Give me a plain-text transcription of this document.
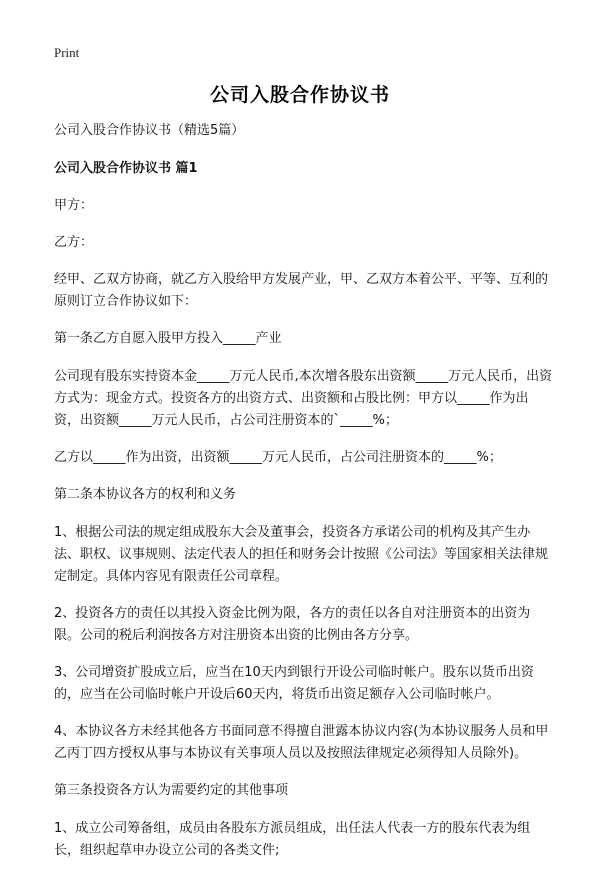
Print
公司入股合作协议书

公司入股合作协议书（精选5篇）

公司入股合作协议书 篇1

甲方：

乙方：

经甲、乙双方协商，就乙方入股给甲方发展产业，甲、乙双方本着公平、平等、互利的原则订立合作协议如下：

第一条乙方自愿入股甲方投入_____产业

公司现有股东实持资本金_____万元人民币,本次增各股东出资额_____万元人民币，出资方式为：现金方式。投资各方的出资方式、出资额和占股比例：甲方以_____作为出资，出资额_____万元人民币，占公司注册资本的`_____%；

乙方以_____作为出资，出资额_____万元人民币，占公司注册资本的_____%；

第二条本协议各方的权利和义务

1、根据公司法的规定组成股东大会及董事会，投资各方承诺公司的机构及其产生办法、职权、议事规则、法定代表人的担任和财务会计按照《公司法》等国家相关法律规定制定。具体内容见有限责任公司章程。

2、投资各方的责任以其投入资金比例为限，各方的责任以各自对注册资本的出资为限。公司的税后利润按各方对注册资本出资的比例由各方分享。

3、公司增资扩股成立后，应当在10天内到银行开设公司临时帐户。股东以货币出资的，应当在公司临时帐户开设后60天内，将货币出资足额存入公司临时帐户。

4、本协议各方未经其他各方书面同意不得擅自泄露本协议内容(为本协议服务人员和甲乙丙丁四方授权从事与本协议有关事项人员以及按照法律规定必须得知人员除外)。

第三条投资各方认为需要约定的其他事项

1、成立公司筹备组，成员由各股东方派员组成，出任法人代表一方的股东代表为组长，组织起草申办设立公司的各类文件;
